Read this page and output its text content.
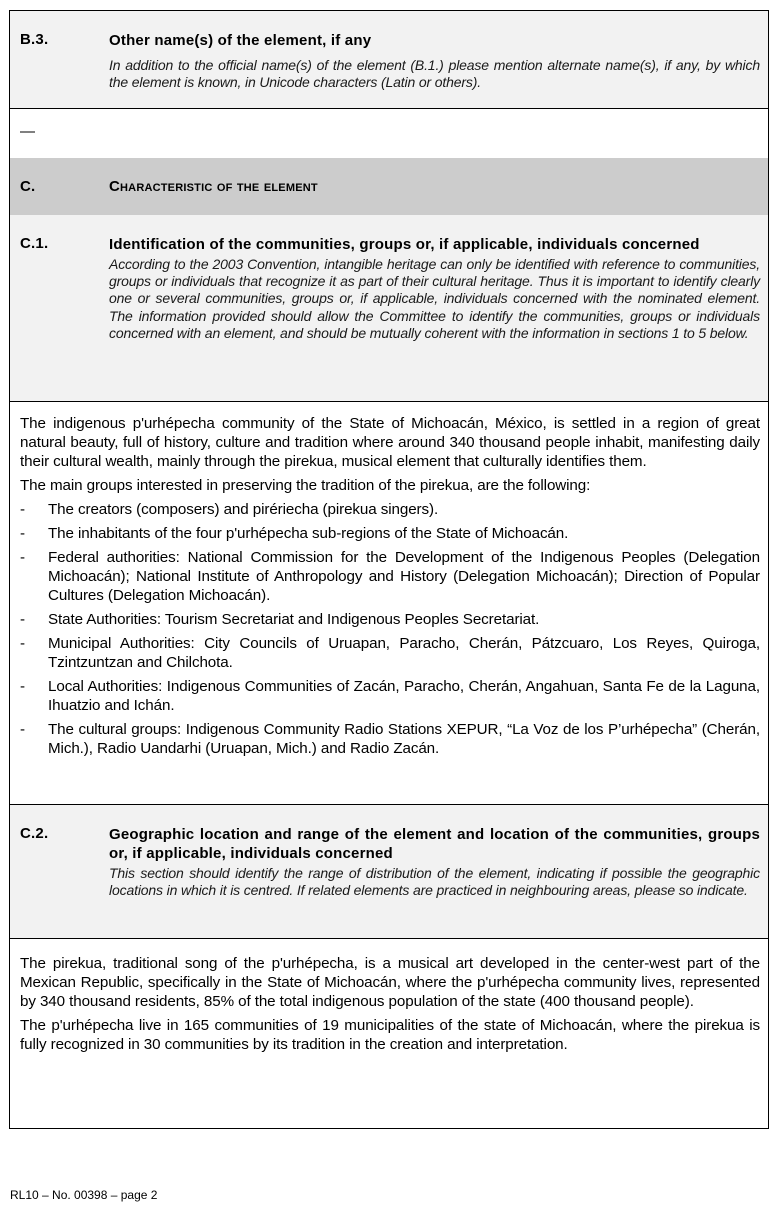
B.3.	Other name(s) of the element, if any
In addition to the official name(s) of the element (B.1.) please mention alternate name(s), if any, by which the element is known, in Unicode characters (Latin or others).
—
C.	Characteristic of the element
C.1.	Identification of the communities, groups or, if applicable, individuals concerned
According to the 2003 Convention, intangible heritage can only be identified with reference to communities, groups or individuals that recognize it as part of their cultural heritage. Thus it is important to identify clearly one or several communities, groups or, if applicable, individuals concerned with the nominated element. The information provided should allow the Committee to identify the communities, groups or individuals concerned with an element, and should be mutually coherent with the information in sections 1 to 5 below.

The indigenous p'urhépecha community of the State of Michoacán, México, is settled in a region of great natural beauty, full of history, culture and tradition where around 340 thousand people inhabit, manifesting daily their cultural wealth, mainly through the pirekua, musical element that culturally identifies them.

The main groups interested in preserving the tradition of the pirekua, are the following:

- The creators (composers) and pirériecha (pirekua singers).
- The inhabitants of the four p'urhépecha sub-regions of the State of Michoacán.
- Federal authorities: National Commission for the Development of the Indigenous Peoples (Delegation Michoacán); National Institute of Anthropology and History (Delegation Michoacán); Direction of Popular Cultures (Delegation Michoacán).
- State Authorities: Tourism Secretariat and Indigenous Peoples Secretariat.
- Municipal Authorities: City Councils of Uruapan, Paracho, Cherán, Pátzcuaro, Los Reyes, Quiroga, Tzintzuntzan and Chilchota.
- Local Authorities: Indigenous Communities of Zacán, Paracho, Cherán, Angahuan, Santa Fe de la Laguna, Ihuatzio and Ichán.
- The cultural groups: Indigenous Community Radio Stations XEPUR, “La Voz de los P’urhépecha” (Cherán, Mich.), Radio Uandarhi (Uruapan, Mich.) and Radio Zacán.
C.2.	Geographic location and range of the element and location of the communities, groups or, if applicable, individuals concerned
This section should identify the range of distribution of the element, indicating if possible the geographic locations in which it is centred. If related elements are practiced in neighbouring areas, please so indicate.

The pirekua, traditional song of the p'urhépecha, is a musical art developed in the center-west part of the Mexican Republic, specifically in the State of Michoacán, where the p'urhépecha community lives, represented by 340 thousand residents, 85% of the total indigenous population of the state (400 thousand people).

The p'urhépecha live in 165 communities of 19 municipalities of the state of Michoacán, where the pirekua is fully recognized in 30 communities by its tradition in the creation and interpretation.

RL10 – No. 00398 – page 2
